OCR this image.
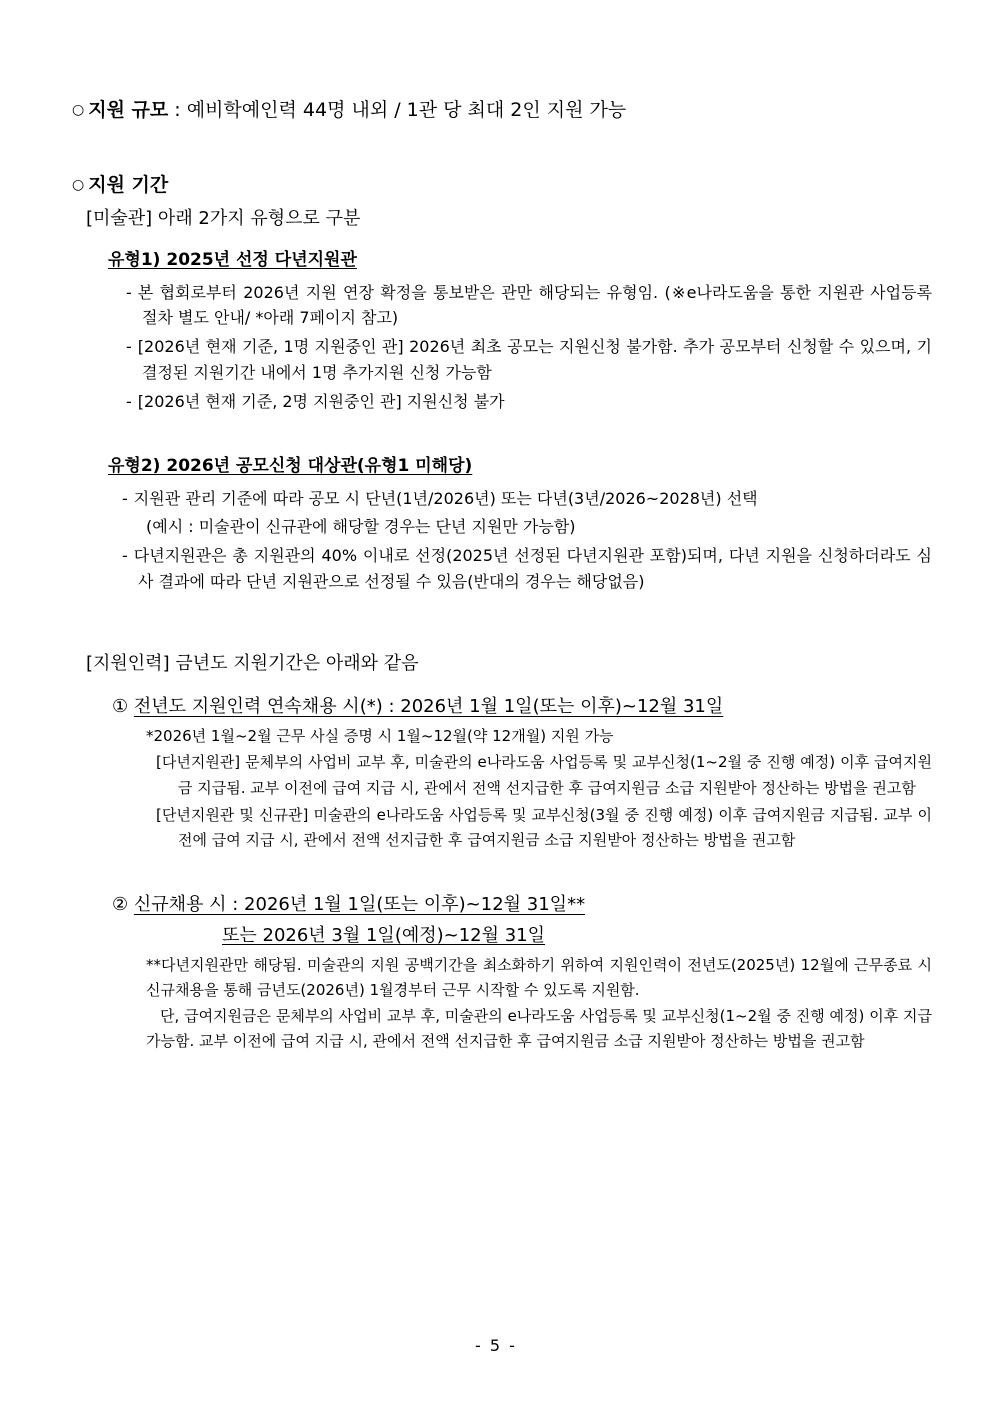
○ 지원 규모 : 예비학예인력 44명 내외 / 1관 당 최대 2인 지원 가능

○ 지원 기간

[미술관] 아래 2가지 유형으로 구분

유형1) 2025년 선정 다년지원관

- 본 협회로부터 2026년 지원 연장 확정을 통보받은 관만 해당되는 유형임. (※e나라도움을 통한 지원관 사업등록 절차 별도 안내/ *아래 7페이지 참고)

- [2026년 현재 기준, 1명 지원중인 관] 2026년 최초 공모는 지원신청 불가함. 추가 공모부터 신청할 수 있으며, 기 결정된 지원기간 내에서 1명 추가지원 신청 가능함

- [2026년 현재 기준, 2명 지원중인 관] 지원신청 불가

유형2) 2026년 공모신청 대상관(유형1 미해당)

- 지원관 관리 기준에 따라 공모 시 단년(1년/2026년) 또는 다년(3년/2026~2028년) 선택

(예시 : 미술관이 신규관에 해당할 경우는 단년 지원만 가능함)

- 다년지원관은 총 지원관의 40% 이내로 선정(2025년 선정된 다년지원관 포함)되며, 다년 지원을 신청하더라도 심사 결과에 따라 단년 지원관으로 선정될 수 있음(반대의 경우는 해당없음)

[지원인력] 금년도 지원기간은 아래와 같음

① 전년도 지원인력 연속채용 시(*) : 2026년 1월 1일(또는 이후)~12월 31일

*2026년 1월~2월 근무 사실 증명 시 1월~12월(약 12개월) 지원 가능

[다년지원관] 문체부의 사업비 교부 후, 미술관의 e나라도움 사업등록 및 교부신청(1~2월 중 진행 예정) 이후 급여지원금 지급됨. 교부 이전에 급여 지급 시, 관에서 전액 선지급한 후 급여지원금 소급 지원받아 정산하는 방법을 권고함

[단년지원관 및 신규관] 미술관의 e나라도움 사업등록 및 교부신청(3월 중 진행 예정) 이후 급여지원금 지급됨. 교부 이전에 급여 지급 시, 관에서 전액 선지급한 후 급여지원금 소급 지원받아 정산하는 방법을 권고함

② 신규채용 시 : 2026년 1월 1일(또는 이후)~12월 31일**

또는 2026년 3월 1일(예정)~12월 31일

**다년지원관만 해당됨. 미술관의 지원 공백기간을 최소화하기 위하여 지원인력이 전년도(2025년) 12월에 근무종료 시 신규채용을 통해 금년도(2026년) 1월경부터 근무 시작할 수 있도록 지원함.

단, 급여지원금은 문체부의 사업비 교부 후, 미술관의 e나라도움 사업등록 및 교부신청(1~2월 중 진행 예정) 이후 지급 가능함. 교부 이전에 급여 지급 시, 관에서 전액 선지급한 후 급여지원금 소급 지원받아 정산하는 방법을 권고함

- 5 -
